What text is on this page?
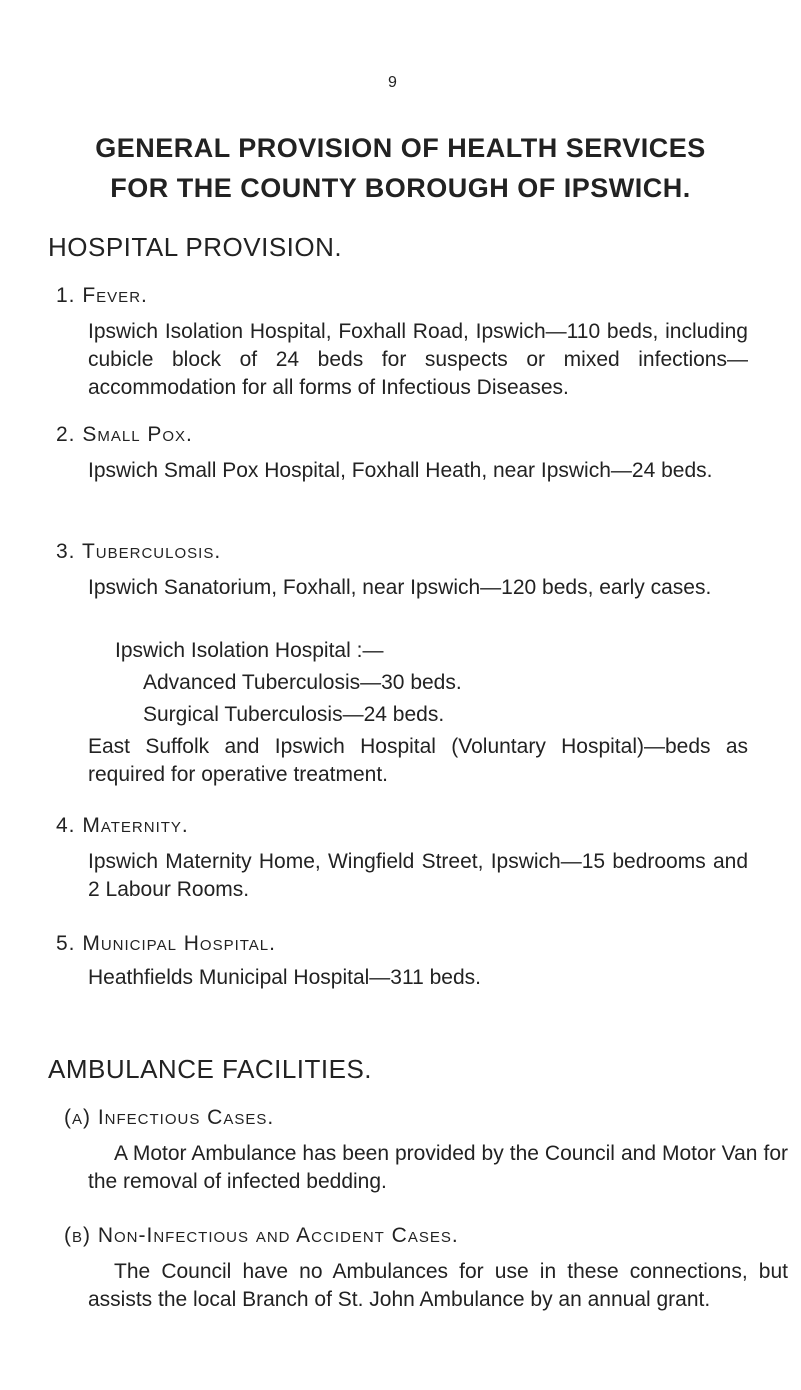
9
GENERAL PROVISION OF HEALTH SERVICES
FOR THE COUNTY BOROUGH OF IPSWICH.
HOSPITAL PROVISION.
1. Fever.
Ipswich Isolation Hospital, Foxhall Road, Ipswich—110 beds, including cubicle block of 24 beds for suspects or mixed infections—accommodation for all forms of Infectious Diseases.
2. Small Pox.
Ipswich Small Pox Hospital, Foxhall Heath, near Ipswich—24 beds.
3. Tuberculosis.
Ipswich Sanatorium, Foxhall, near Ipswich—120 beds, early cases.
Ipswich Isolation Hospital :—
Advanced Tuberculosis—30 beds.
Surgical Tuberculosis—24 beds.
East Suffolk and Ipswich Hospital (Voluntary Hospital)—beds as required for operative treatment.
4. Maternity.
Ipswich Maternity Home, Wingfield Street, Ipswich—15 bedrooms and 2 Labour Rooms.
5. Municipal Hospital.
Heathfields Municipal Hospital—311 beds.
AMBULANCE FACILITIES.
(a) Infectious Cases.
A Motor Ambulance has been provided by the Council and Motor Van for the removal of infected bedding.
(b) Non-Infectious and Accident Cases.
The Council have no Ambulances for use in these connections, but assists the local Branch of St. John Ambulance by an annual grant.
